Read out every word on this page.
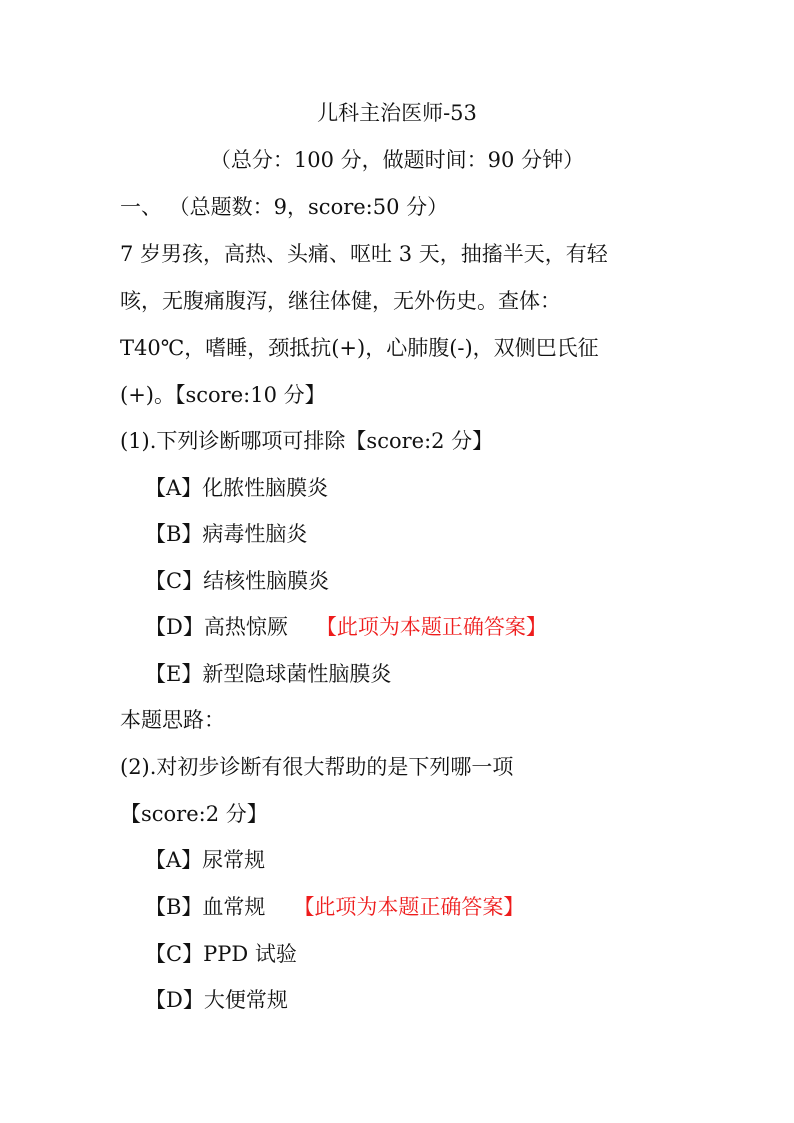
儿科主治医师-53
（总分：100 分，做题时间：90 分钟）
一、 （总题数：9，score:50 分）
7 岁男孩，高热、头痛、呕吐 3 天，抽搐半天，有轻
咳，无腹痛腹泻，继往体健，无外伤史。查体：
T40℃，嗜睡，颈抵抗(+)，心肺腹(-)，双侧巴氏征
(+)。【score:10 分】
(1).下列诊断哪项可排除【score:2 分】
【A】化脓性脑膜炎
【B】病毒性脑炎
【C】结核性脑膜炎
【D】高热惊厥 【此项为本题正确答案】
【E】新型隐球菌性脑膜炎
本题思路：
(2).对初步诊断有很大帮助的是下列哪一项
【score:2 分】
【A】尿常规
【B】血常规 【此项为本题正确答案】
【C】PPD 试验
【D】大便常规
